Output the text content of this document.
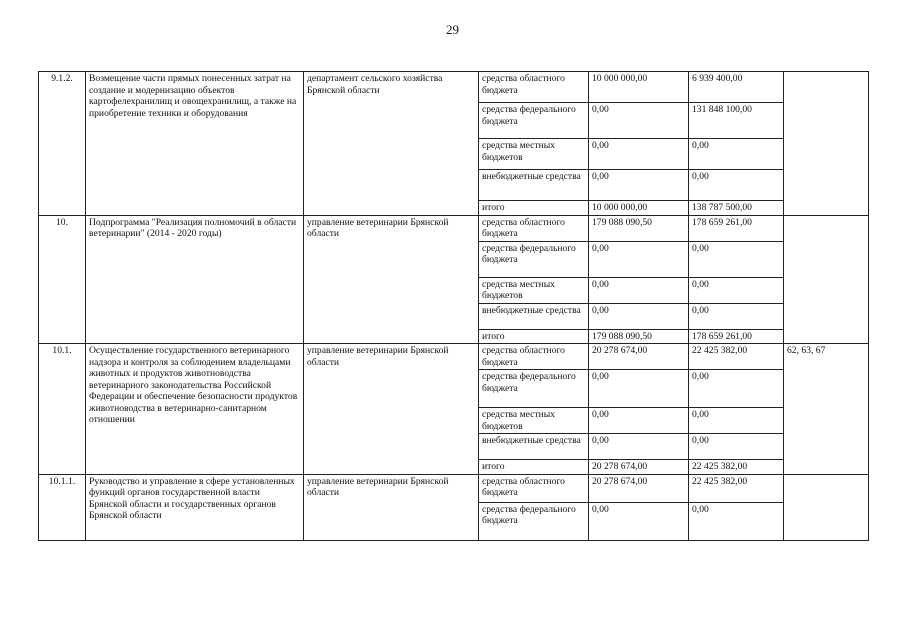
29
9.1.2.	Возмещение части прямых понесенных затрат на создание и модернизацию объектов картофелехранилищ и овощехранилищ, а также на приобретение техники и оборудования	департамент сельского хозяйства Брянской области	средства областного бюджета	10 000 000,00	6 939 400,00	
			средства федерального бюджета	0,00	131 848 100,00	
			средства местных бюджетов	0,00	0,00	
			внебюджетные средства	0,00	0,00	
			итого	10 000 000,00	138 787 500,00	
10.	Подпрограмма "Реализация полномочий в области ветеринарии" (2014 - 2020 годы)	управление ветеринарии Брянской области	средства областного бюджета	179 088 090,50	178 659 261,00	
			средства федерального бюджета	0,00	0,00	
			средства местных бюджетов	0,00	0,00	
			внебюджетные средства	0,00	0,00	
			итого	179 088 090,50	178 659 261,00	
10.1.	Осуществление государственного ветеринарного надзора и контроля за соблюдением владельцами животных и продуктов животноводства ветеринарного законодательства Российской Федерации и обеспечение безопасности продуктов животноводства в ветеринарно-санитарном отношении	управление ветеринарии Брянской области	средства областного бюджета	20 278 674,00	22 425 382,00	62, 63, 67
			средства федерального бюджета	0,00	0,00	
			средства местных бюджетов	0,00	0,00	
			внебюджетные средства	0,00	0,00	
			итого	20 278 674,00	22 425 382,00	
10.1.1.	Руководство и управление в сфере установленных функций органов государственной власти Брянской области и государственных органов Брянской области	управление ветеринарии Брянской области	средства областного бюджета	20 278 674,00	22 425 382,00	
			средства федерального бюджета	0,00	0,00	
